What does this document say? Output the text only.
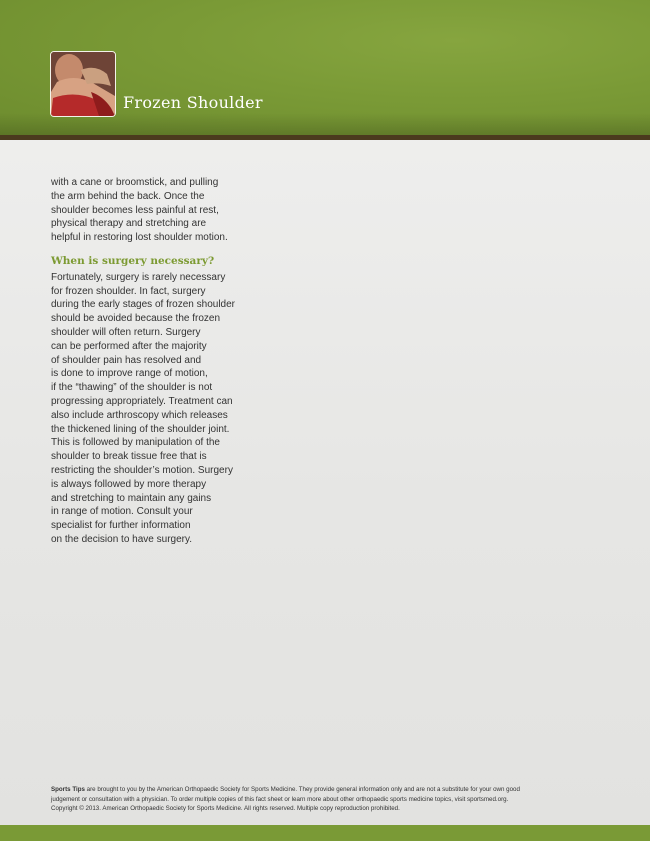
Frozen Shoulder

with a cane or broomstick, and pulling
the arm behind the back. Once the
shoulder becomes less painful at rest,
physical therapy and stretching are
helpful in restoring lost shoulder motion.

When is surgery necessary?

Fortunately, surgery is rarely necessary
for frozen shoulder. In fact, surgery
during the early stages of frozen shoulder
should be avoided because the frozen
shoulder will often return. Surgery
can be performed after the majority
of shoulder pain has resolved and
is done to improve range of motion,
if the “thawing” of the shoulder is not
progressing appropriately. Treatment can
also include arthroscopy which releases
the thickened lining of the shoulder joint.
This is followed by manipulation of the
shoulder to break tissue free that is
restricting the shoulder’s motion. Surgery
is always followed by more therapy
and stretching to maintain any gains
in range of motion. Consult your
specialist for further information
on the decision to have surgery.

Sports Tips are brought to you by the American Orthopaedic Society for Sports Medicine. They provide general information only and are not a substitute for your own good
judgement or consultation with a physician. To order multiple copies of this fact sheet or learn more about other orthopaedic sports medicine topics, visit sportsmed.org.
Copyright © 2013. American Orthopaedic Society for Sports Medicine. All rights reserved. Multiple copy reproduction prohibited.
